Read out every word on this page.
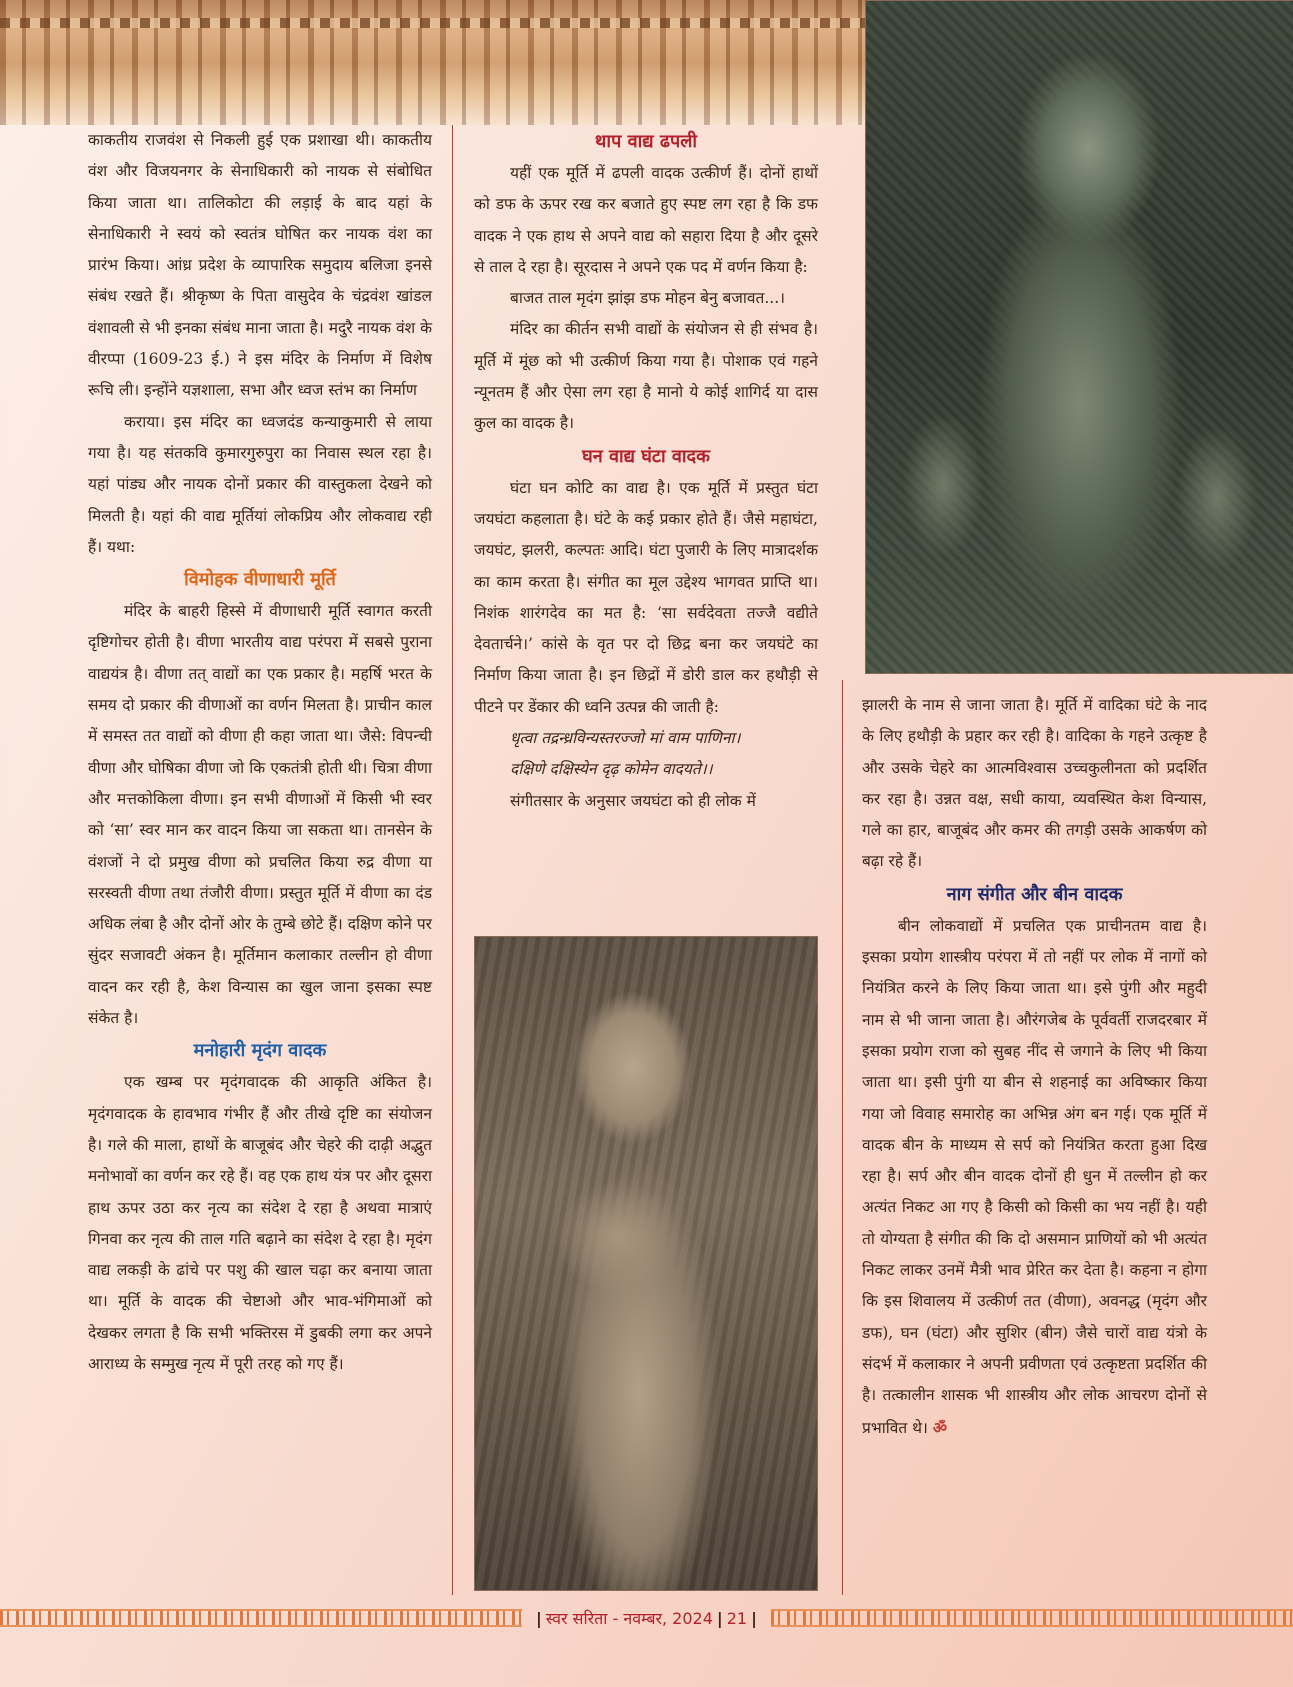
काकतीय राजवंश से निकली हुई एक प्रशाखा थी। काकतीय वंश और विजयनगर के सेनाधिकारी को नायक से संबोधित किया जाता था। तालिकोटा की लड़ाई के बाद यहां के सेनाधिकारी ने स्वयं को स्वतंत्र घोषित कर नायक वंश का प्रारंभ किया। आंध्र प्रदेश के व्यापारिक समुदाय बलिजा इनसे संबंध रखते हैं। श्रीकृष्ण के पिता वासुदेव के चंद्रवंश खांडल वंशावली से भी इनका संबंध माना जाता है। मदुरै नायक वंश के वीरप्पा (1609-23 ई.) ने इस मंदिर के निर्माण में विशेष रूचि ली। इन्होंने यज्ञशाला, सभा और ध्वज स्तंभ का निर्माण

कराया। इस मंदिर का ध्वजदंड कन्याकुमारी से लाया गया है। यह संतकवि कुमारगुरुपुरा का निवास स्थल रहा है। यहां पांड्य और नायक दोनों प्रकार की वास्तुकला देखने को मिलती है। यहां की वाद्य मूर्तियां लोकप्रिय और लोकवाद्य रही हैं। यथा:

विमोहक वीणाधारी मूर्ति

मंदिर के बाहरी हिस्से में वीणाधारी मूर्ति स्वागत करती दृष्टिगोचर होती है। वीणा भारतीय वाद्य परंपरा में सबसे पुराना वाद्ययंत्र है। वीणा तत् वाद्यों का एक प्रकार है। महर्षि भरत के समय दो प्रकार की वीणाओं का वर्णन मिलता है। प्राचीन काल में समस्त तत वाद्यों को वीणा ही कहा जाता था। जैसे: विपन्ची वीणा और घोषिका वीणा जो कि एकतंत्री होती थी। चित्रा वीणा और मत्तकोकिला वीणा। इन सभी वीणाओं में किसी भी स्वर को ‘सा’ स्वर मान कर वादन किया जा सकता था। तानसेन के वंशजों ने दो प्रमुख वीणा को प्रचलित किया रुद्र वीणा या सरस्वती वीणा तथा तंजौरी वीणा। प्रस्तुत मूर्ति में वीणा का दंड अधिक लंबा है और दोनों ओर के तुम्बे छोटे हैं। दक्षिण कोने पर सुंदर सजावटी अंकन है। मूर्तिमान कलाकार तल्लीन हो वीणा वादन कर रही है, केश विन्यास का खुल जाना इसका स्पष्ट संकेत है।

मनोहारी मृदंग वादक

एक खम्ब पर मृदंगवादक की आकृति अंकित है। मृदंगवादक के हावभाव गंभीर हैं और तीखे दृष्टि का संयोजन है। गले की माला, हाथों के बाजूबंद और चेहरे की दाढ़ी अद्भुत मनोभावों का वर्णन कर रहे हैं। वह एक हाथ यंत्र पर और दूसरा हाथ ऊपर उठा कर नृत्य का संदेश दे रहा है अथवा मात्राएं गिनवा कर नृत्य की ताल गति बढ़ाने का संदेश दे रहा है। मृदंग वाद्य लकड़ी के ढांचे पर पशु की खाल चढ़ा कर बनाया जाता था। मूर्ति के वादक की चेष्टाओ और भाव-भंगिमाओं को देखकर लगता है कि सभी भक्तिरस में डुबकी लगा कर अपने आराध्य के सम्मुख नृत्य में पूरी तरह को गए हैं।

थाप वाद्य ढपली

यहीं एक मूर्ति में ढपली वादक उत्कीर्ण हैं। दोनों हाथों को डफ के ऊपर रख कर बजाते हुए स्पष्ट लग रहा है कि डफ वादक ने एक हाथ से अपने वाद्य को सहारा दिया है और दूसरे से ताल दे रहा है। सूरदास ने अपने एक पद में वर्णन किया है:

बाजत ताल मृदंग झांझ डफ मोहन बेनु बजावत...।

मंदिर का कीर्तन सभी वाद्यों के संयोजन से ही संभव है। मूर्ति में मूंछ को भी उत्कीर्ण किया गया है। पोशाक एवं गहने न्यूनतम हैं और ऐसा लग रहा है मानो ये कोई शागिर्द या दास कुल का वादक है।

घन वाद्य घंटा वादक

घंटा घन कोटि का वाद्य है। एक मूर्ति में प्रस्तुत घंटा जयघंटा कहलाता है। घंटे के कई प्रकार होते हैं। जैसे महाघंटा, जयघंट, झलरी, कल्पतः आदि। घंटा पुजारी के लिए मात्रादर्शक का काम करता है। संगीत का मूल उद्देश्य भागवत प्राप्ति था। निशंक शारंगदेव का मत है: ‘सा सर्वदेवता तज्जै वद्यीते देवतार्चने।’ कांसे के वृत पर दो छिद्र बना कर जयघंटे का निर्माण किया जाता है। इन छिद्रों में डोरी डाल कर हथौड़ी से पीटने पर डेंकार की ध्वनि उत्पन्न की जाती है:

धृत्वा तद्रन्ध्रविन्यस्तरज्जो मां वाम पाणिना।

दक्षिणे दक्षिस्येन दृढ़ कोमेन वादयते।।

संगीतसार के अनुसार जयघंटा को ही लोक में

झालरी के नाम से जाना जाता है। मूर्ति में वादिका घंटे के नाद के लिए हथौड़ी के प्रहार कर रही है। वादिका के गहने उत्कृष्ट है और उसके चेहरे का आत्मविश्वास उच्चकुलीनता को प्रदर्शित कर रहा है। उन्नत वक्ष, सधी काया, व्यवस्थित केश विन्यास, गले का हार, बाजूबंद और कमर की तगड़ी उसके आकर्षण को बढ़ा रहे हैं।

नाग संगीत और बीन वादक

बीन लोकवाद्यों में प्रचलित एक प्राचीनतम वाद्य है। इसका प्रयोग शास्त्रीय परंपरा में तो नहीं पर लोक में नागों को नियंत्रित करने के लिए किया जाता था। इसे पुंगी और महुदी नाम से भी जाना जाता है। औरंगजेब के पूर्ववर्ती राजदरबार में इसका प्रयोग राजा को सुबह नींद से जगाने के लिए भी किया जाता था। इसी पुंगी या बीन से शहनाई का अविष्कार किया गया जो विवाह समारोह का अभिन्न अंग बन गई। एक मूर्ति में वादक बीन के माध्यम से सर्प को नियंत्रित करता हुआ दिख रहा है। सर्प और बीन वादक दोनों ही धुन में तल्लीन हो कर अत्यंत निकट आ गए है किसी को किसी का भय नहीं है। यही तो योग्यता है संगीत की कि दो असमान प्राणियों को भी अत्यंत निकट लाकर उनमें मैत्री भाव प्रेरित कर देता है। कहना न होगा कि इस शिवालय में उत्कीर्ण तत (वीणा), अवनद्ध (मृदंग और डफ), घन (घंटा) और सुशिर (बीन) जैसे चारों वाद्य यंत्रो के संदर्भ में कलाकार ने अपनी प्रवीणता एवं उत्कृष्टता प्रदर्शित की है। तत्कालीन शासक भी शास्त्रीय और लोक आचरण दोनों से प्रभावित थे। ॐ

| स्वर सरिता - नवम्बर, 2024 | 21 |
